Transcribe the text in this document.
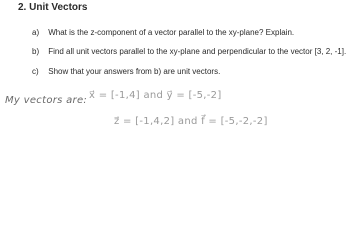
2. Unit Vectors
a) What is the z-component of a vector parallel to the xy-plane? Explain.
b) Find all unit vectors parallel to the xy-plane and perpendicular to the vector [3, 2, -1].
c) Show that your answers from b) are unit vectors.
My vectors are: x⃗ = [-1,4] and y⃗ = [-5,-2]
z⃗ = [-1,4,2] and f⃗ = [-5,-2,-2]
